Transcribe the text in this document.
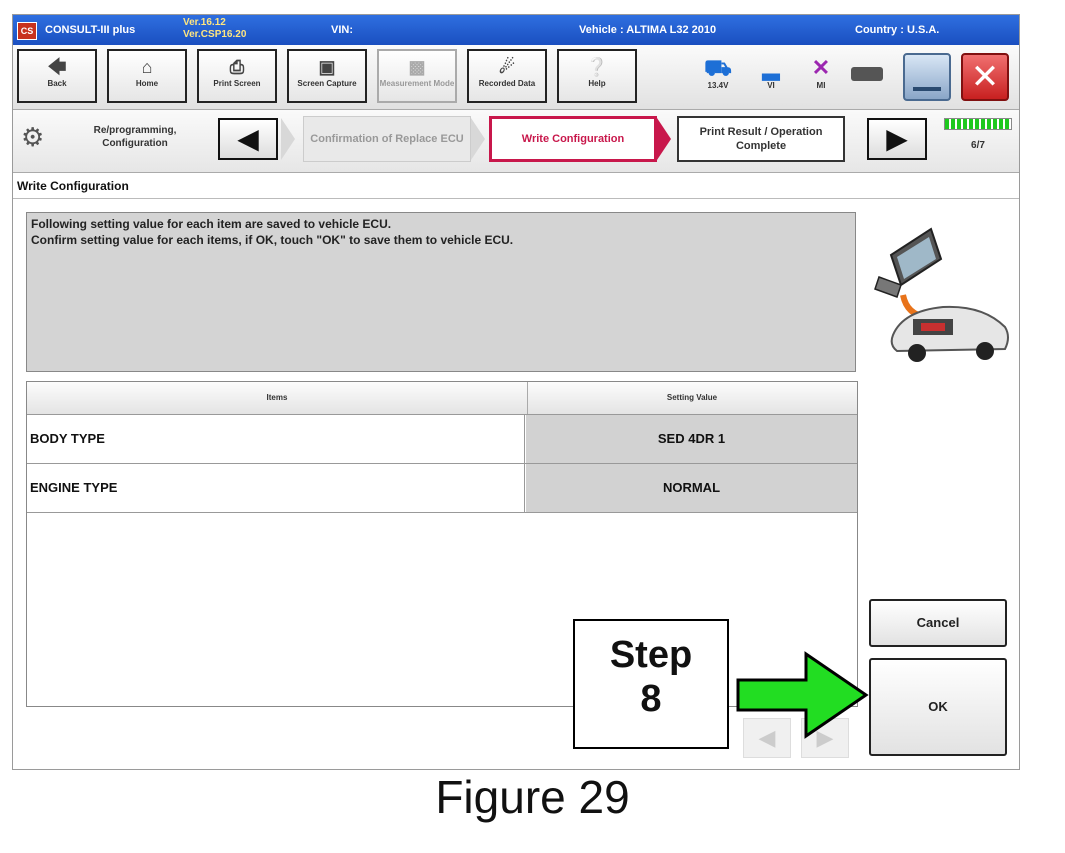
CS	CONSULT-III plus
Ver.16.12
Ver.CSP16.20	VIN:	Vehicle : ALTIMA L32 2010	Country : U.S.A.
🡄
Back
⌂
Home
⎙
Print Screen
▣
Screen Capture
▩
Measurement Mode
☄
Recorded Data
❔
Help
⛟
13.4V
▂
VI
✕
MI	✕
⚙	Re/programming, Configuration	◀	Confirmation of Replace ECU	Write Configuration
Print Result / Operation Complete	▶	6/7
Write Configuration
Following setting value for each item are saved to vehicle ECU.
Confirm setting value for each items, if OK, touch "OK" to save them to vehicle ECU.
Items	Setting Value
BODY TYPE	SED 4DR 1
ENGINE TYPE	NORMAL
◀	▶
Cancel
OK
Step
8
Figure 29
